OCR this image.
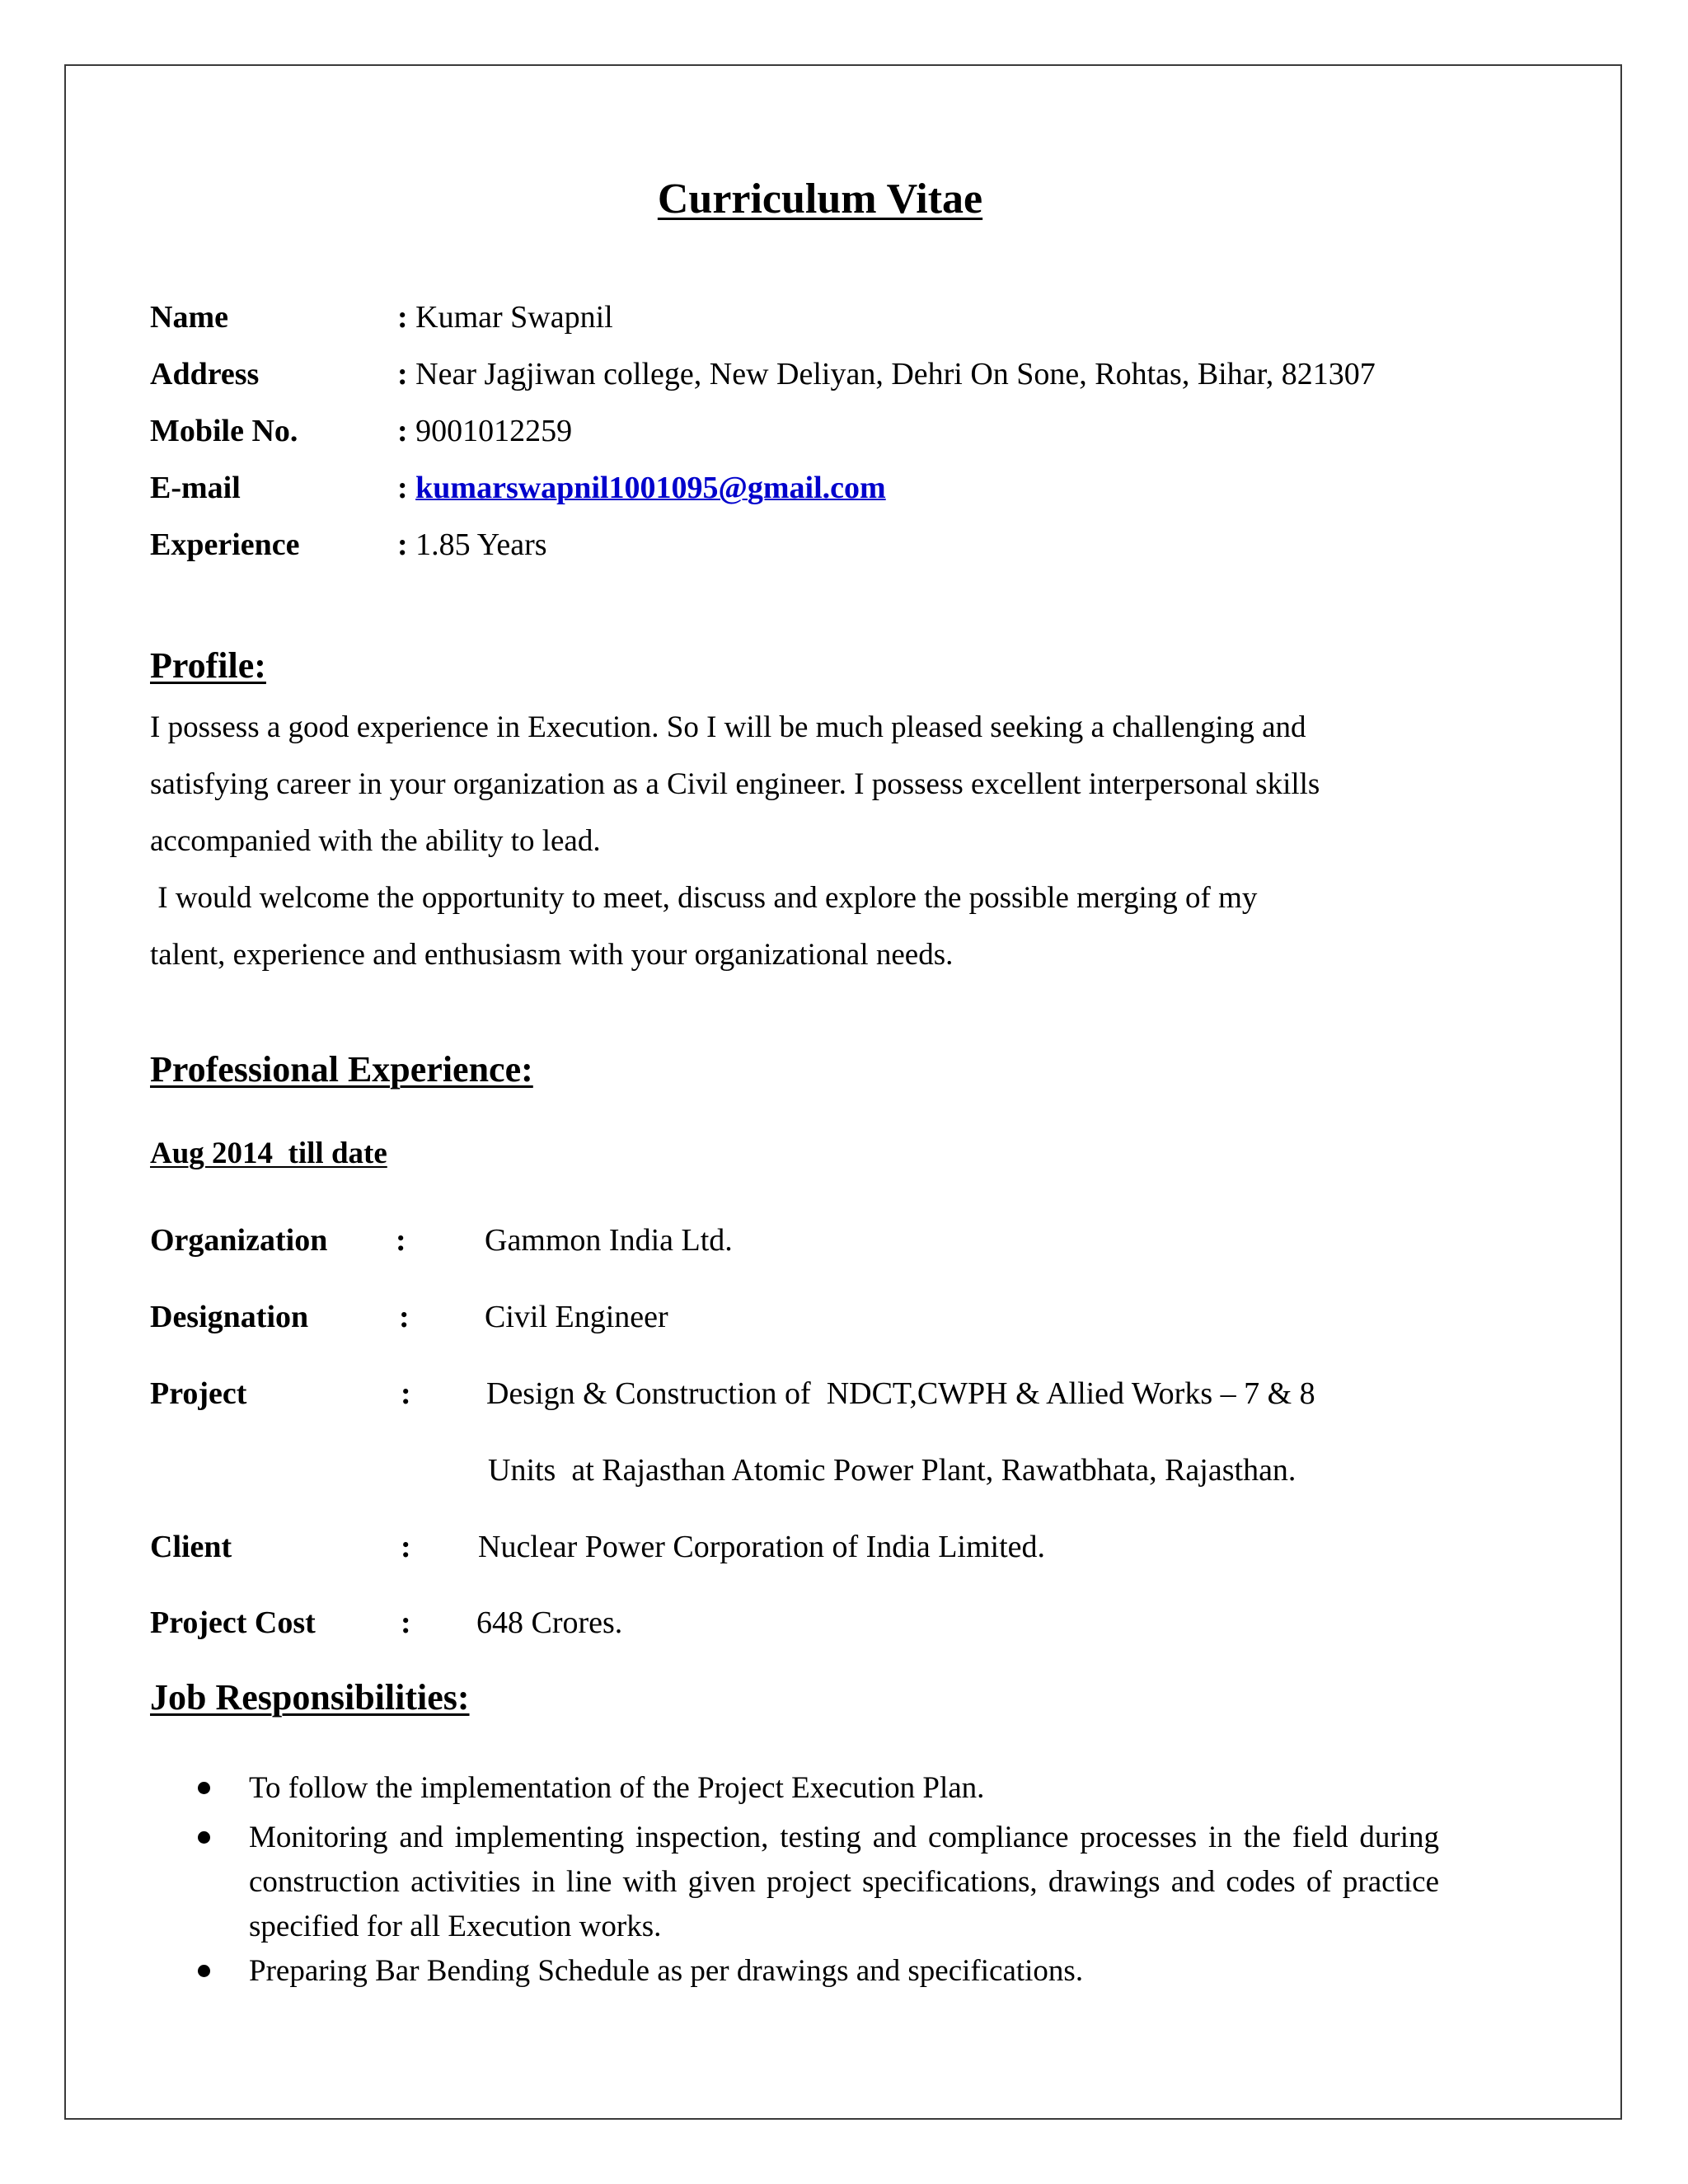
Curriculum Vitae
Name	: Kumar Swapnil
Address	: Near Jagjiwan college, New Deliyan, Dehri On Sone, Rohtas, Bihar, 821307
Mobile No.	: 9001012259
E-mail	: kumarswapnil1001095@gmail.com
Experience	: 1.85 Years
Profile:
I possess a good experience in Execution. So I will be much pleased seeking a challenging and
satisfying career in your organization as a Civil engineer. I possess excellent interpersonal skills
accompanied with the ability to lead.
I would welcome the opportunity to meet, discuss and explore the possible merging of my
talent, experience and enthusiasm with your organizational needs.
Professional Experience:
Aug 2014  till date
Organization :	Gammon India Ltd.
Designation	: Civil Engineer
Project	: Design & Construction of  NDCT,CWPH & Allied Works – 7 & 8
Units  at Rajasthan Atomic Power Plant, Rawatbhata, Rajasthan.
Client	: Nuclear Power Corporation of India Limited.
Project Cost	: 648 Crores.
Job Responsibilities:
To follow the implementation of the Project Execution Plan.
Monitoring and implementing inspection, testing and compliance processes in the field during construction activities in line with given project specifications, drawings and codes of practice specified for all Execution works.
Preparing Bar Bending Schedule as per drawings and specifications.
